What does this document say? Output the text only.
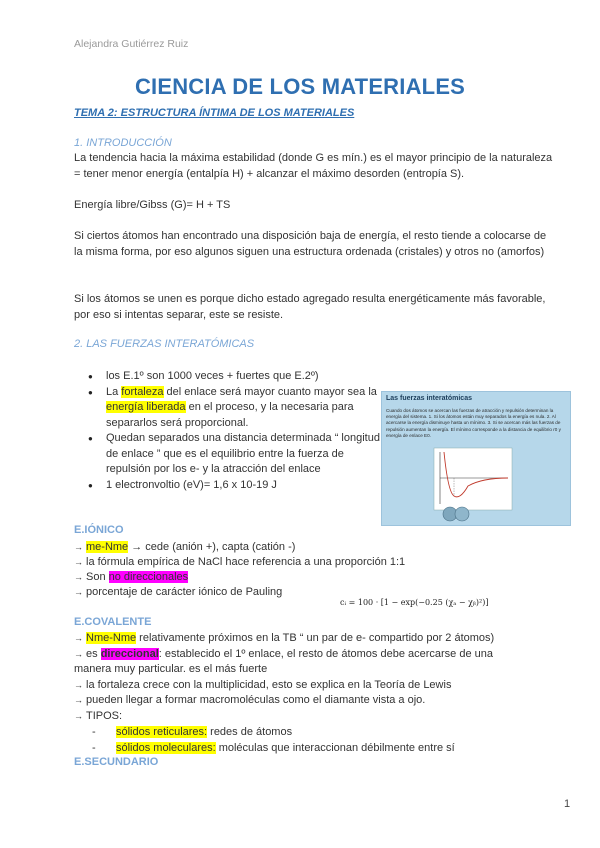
Alejandra Gutiérrez Ruiz
CIENCIA DE LOS MATERIALES
TEMA 2: ESTRUCTURA ÍNTIMA DE LOS MATERIALES
1. INTRODUCCIÓN
La tendencia hacia la máxima estabilidad (donde G es mín.) es el mayor principio de la naturaleza = tener menor energía (entalpía H) + alcanzar el máximo desorden (entropía S).
Energía libre/Gibss (G)= H + TS
Si ciertos átomos han encontrado una disposición baja de energía, el resto tiende a colocarse de la misma forma, por eso algunos siguen una estructura ordenada (cristales) y otros no (amorfos)
Si los átomos se unen es porque dicho estado agregado resulta energéticamente más favorable, por eso si intentas separar, este se resiste.
2. LAS FUERZAS INTERATÓMICAS
● los E.1º son 1000 veces + fuertes que E.2º)
● La fortaleza del enlace será mayor cuanto mayor sea la energía liberada en el proceso, y la necesaria para separarlos será proporcional.
● Quedan separados una distancia determinada “ longitud de enlace ” que es el equilibrio entre la fuerza de repulsión por los e- y la atracción del enlace
● 1 electronvoltio (eV)= 1,6 x 10-19 J
Las fuerzas interatómicas
Cuando dos átomos se acercan las fuerzas de atracción y repulsión determinan la energía del sistema. 1. Si los átomos están muy separados la energía es nula. 2. Al acercarse la energía disminuye hasta un mínimo. 3. Si se acercan más las fuerzas de repulsión aumentan la energía. El mínimo corresponde a la distancia de equilibrio r0 y energía de enlace E0.
E.IÓNICO
→ me-Nme → cede (anión +), capta (catión -)
→ la fórmula empírica de NaCl hace referencia a una proporción 1:1
→ Son no direccionales
→ porcentaje de carácter iónico de Pauling
cᵢ = 100 · [1 − exp(−0.25 (χₐ − χᵦ)²)]
E.COVALENTE
→ Nme-Nme relativamente próximos en la TB “ un par de e- compartido por 2 átomos)
→ es direccional: establecido el 1º enlace, el resto de átomos debe acercarse de una
manera muy particular. es el más fuerte
→ la fortaleza crece con la multiplicidad, esto se explica en la Teoría de Lewis
→ pueden llegar a formar macromoléculas como el diamante vista a ojo.
→ TIPOS:
- sólidos reticulares: redes de átomos
- sólidos moleculares: moléculas que interaccionan débilmente entre sí
E.SECUNDARIO
1
